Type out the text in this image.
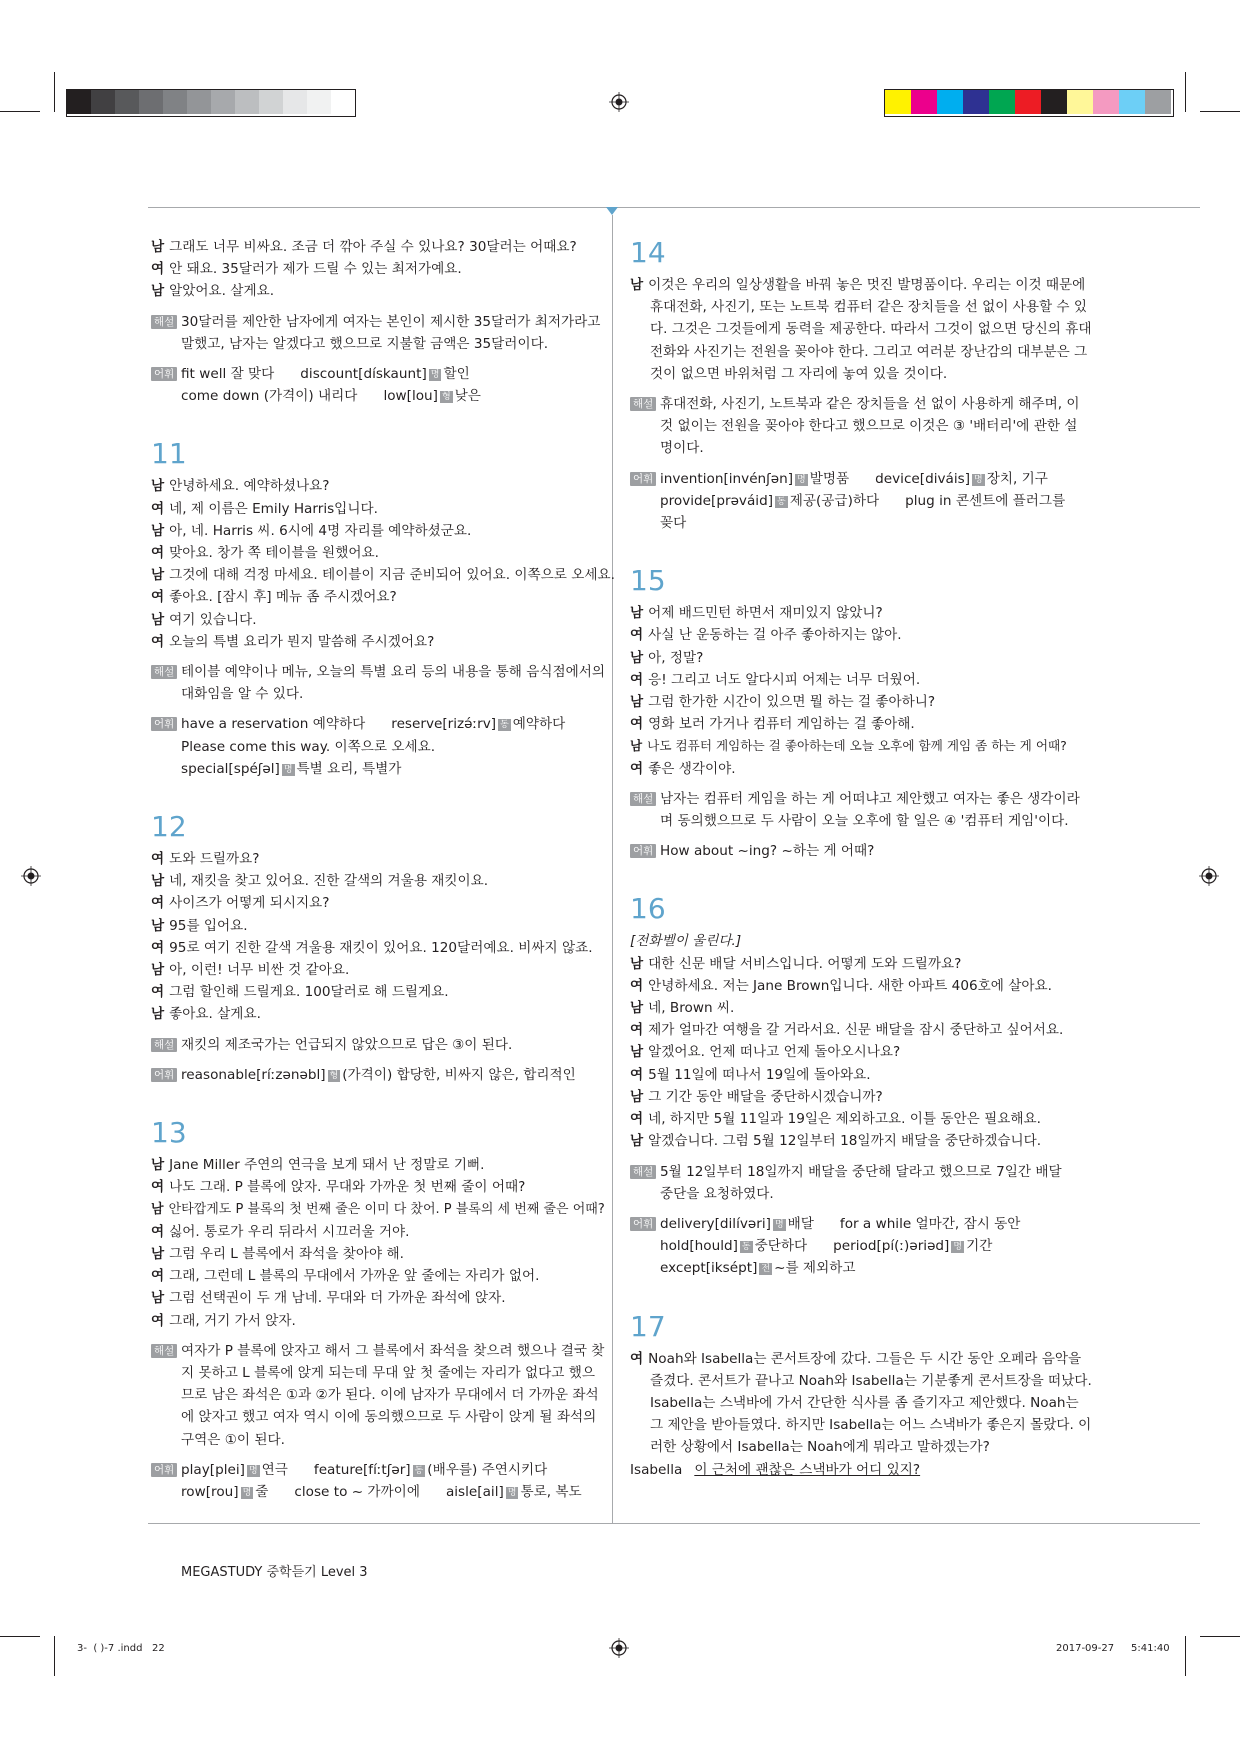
남 그래도 너무 비싸요. 조금 더 깎아 주실 수 있나요? 30달러는 어때요?
여 안 돼요. 35달러가 제가 드릴 수 있는 최저가예요.
남 알았어요. 살게요.
해설 30달러를 제안한 남자에게 여자는 본인이 제시한 35달러가 최저가라고
말했고, 남자는 알겠다고 했으므로 지불할 금액은 35달러이다.
어휘 fit well 잘 맞다 discount[dískaunt] 명 할인
come down (가격이) 내리다 low[lou] 형 낮은
11
남 안녕하세요. 예약하셨나요?
여 네, 제 이름은 Emily Harris입니다.
남 아, 네. Harris 씨. 6시에 4명 자리를 예약하셨군요.
여 맞아요. 창가 쪽 테이블을 원했어요.
남 그것에 대해 걱정 마세요. 테이블이 지금 준비되어 있어요. 이쪽으로 오세요.
여 좋아요. [잠시 후] 메뉴 좀 주시겠어요?
남 여기 있습니다.
여 오늘의 특별 요리가 뭔지 말씀해 주시겠어요?
해설 테이블 예약이나 메뉴, 오늘의 특별 요리 등의 내용을 통해 음식점에서의
대화임을 알 수 있다.
어휘 have a reservation 예약하다 reserve[rizə́ːrv] 동 예약하다
Please come this way. 이쪽으로 오세요.
special[spéʃəl] 명 특별 요리, 특별가
12
여 도와 드릴까요?
남 네, 재킷을 찾고 있어요. 진한 갈색의 겨울용 재킷이요.
여 사이즈가 어떻게 되시지요?
남 95를 입어요.
여 95로 여기 진한 갈색 겨울용 재킷이 있어요. 120달러예요. 비싸지 않죠.
남 아, 이런! 너무 비싼 것 같아요.
여 그럼 할인해 드릴게요. 100달러로 해 드릴게요.
남 좋아요. 살게요.
해설 재킷의 제조국가는 언급되지 않았으므로 답은 ③이 된다.
어휘 reasonable[ríːzənəbl] 형 (가격이) 합당한, 비싸지 않은, 합리적인
13
남 Jane Miller 주연의 연극을 보게 돼서 난 정말로 기뻐.
여 나도 그래. P 블록에 앉자. 무대와 가까운 첫 번째 줄이 어때?
남 안타깝게도 P 블록의 첫 번째 줄은 이미 다 찼어. P 블록의 세 번째 줄은 어때?
여 싫어. 통로가 우리 뒤라서 시끄러울 거야.
남 그럼 우리 L 블록에서 좌석을 찾아야 해.
여 그래, 그런데 L 블록의 무대에서 가까운 앞 줄에는 자리가 없어.
남 그럼 선택권이 두 개 남네. 무대와 더 가까운 좌석에 앉자.
여 그래, 거기 가서 앉자.
해설 여자가 P 블록에 앉자고 해서 그 블록에서 좌석을 찾으려 했으나 결국 찾
지 못하고 L 블록에 앉게 되는데 무대 앞 첫 줄에는 자리가 없다고 했으
므로 남은 좌석은 ①과 ②가 된다. 이에 남자가 무대에서 더 가까운 좌석
에 앉자고 했고 여자 역시 이에 동의했으므로 두 사람이 앉게 될 좌석의
구역은 ①이 된다.
어휘 play[plei] 명 연극 feature[fíːtʃər] 동 (배우를) 주연시키다
row[rou] 명 줄 close to ~ 가까이에 aisle[ail] 명 통로, 복도
14
남 이것은 우리의 일상생활을 바꿔 놓은 멋진 발명품이다. 우리는 이것 때문에
휴대전화, 사진기, 또는 노트북 컴퓨터 같은 장치들을 선 없이 사용할 수 있
다. 그것은 그것들에게 동력을 제공한다. 따라서 그것이 없으면 당신의 휴대
전화와 사진기는 전원을 꽂아야 한다. 그리고 여러분 장난감의 대부분은 그
것이 없으면 바위처럼 그 자리에 놓여 있을 것이다.
해설 휴대전화, 사진기, 노트북과 같은 장치들을 선 없이 사용하게 해주며, 이
것 없이는 전원을 꽂아야 한다고 했으므로 이것은 ③ '배터리'에 관한 설
명이다.
어휘 invention[invénʃən] 명 발명품 device[diváis] 명 장치, 기구
provide[prəváid] 동 제공(공급)하다 plug in 콘센트에 플러그를
꽂다
15
남 어제 배드민턴 하면서 재미있지 않았니?
여 사실 난 운동하는 걸 아주 좋아하지는 않아.
남 아, 정말?
여 응! 그리고 너도 알다시피 어제는 너무 더웠어.
남 그럼 한가한 시간이 있으면 뭘 하는 걸 좋아하니?
여 영화 보러 가거나 컴퓨터 게임하는 걸 좋아해.
남 나도 컴퓨터 게임하는 걸 좋아하는데 오늘 오후에 함께 게임 좀 하는 게 어때?
여 좋은 생각이야.
해설 남자는 컴퓨터 게임을 하는 게 어떠냐고 제안했고 여자는 좋은 생각이라
며 동의했으므로 두 사람이 오늘 오후에 할 일은 ④ '컴퓨터 게임'이다.
어휘 How about ~ing? ~하는 게 어때?
16
[전화벨이 울린다.]
남 대한 신문 배달 서비스입니다. 어떻게 도와 드릴까요?
여 안녕하세요. 저는 Jane Brown입니다. 새한 아파트 406호에 살아요.
남 네, Brown 씨.
여 제가 얼마간 여행을 갈 거라서요. 신문 배달을 잠시 중단하고 싶어서요.
남 알겠어요. 언제 떠나고 언제 돌아오시나요?
여 5월 11일에 떠나서 19일에 돌아와요.
남 그 기간 동안 배달을 중단하시겠습니까?
여 네, 하지만 5월 11일과 19일은 제외하고요. 이틀 동안은 필요해요.
남 알겠습니다. 그럼 5월 12일부터 18일까지 배달을 중단하겠습니다.
해설 5월 12일부터 18일까지 배달을 중단해 달라고 했으므로 7일간 배달
중단을 요청하였다.
어휘 delivery[dilívəri] 명 배달 for a while 얼마간, 잠시 동안
hold[hould] 동 중단하다 period[pí(ː)əriəd] 명 기간
except[iksépt] 전 ~를 제외하고
17
여 Noah와 Isabella는 콘서트장에 갔다. 그들은 두 시간 동안 오페라 음악을
즐겼다. 콘서트가 끝나고 Noah와 Isabella는 기분좋게 콘서트장을 떠났다.
Isabella는 스낵바에 가서 간단한 식사를 좀 즐기자고 제안했다. Noah는
그 제안을 받아들였다. 하지만 Isabella는 어느 스낵바가 좋은지 몰랐다. 이
러한 상황에서 Isabella는 Noah에게 뭐라고 말하겠는가?
Isabella 이 근처에 괜찮은 스낵바가 어디 있지?
MEGASTUDY 중학듣기 Level 3
3-  ( )-7 .indd   22	2017-09-27 5:41:40
